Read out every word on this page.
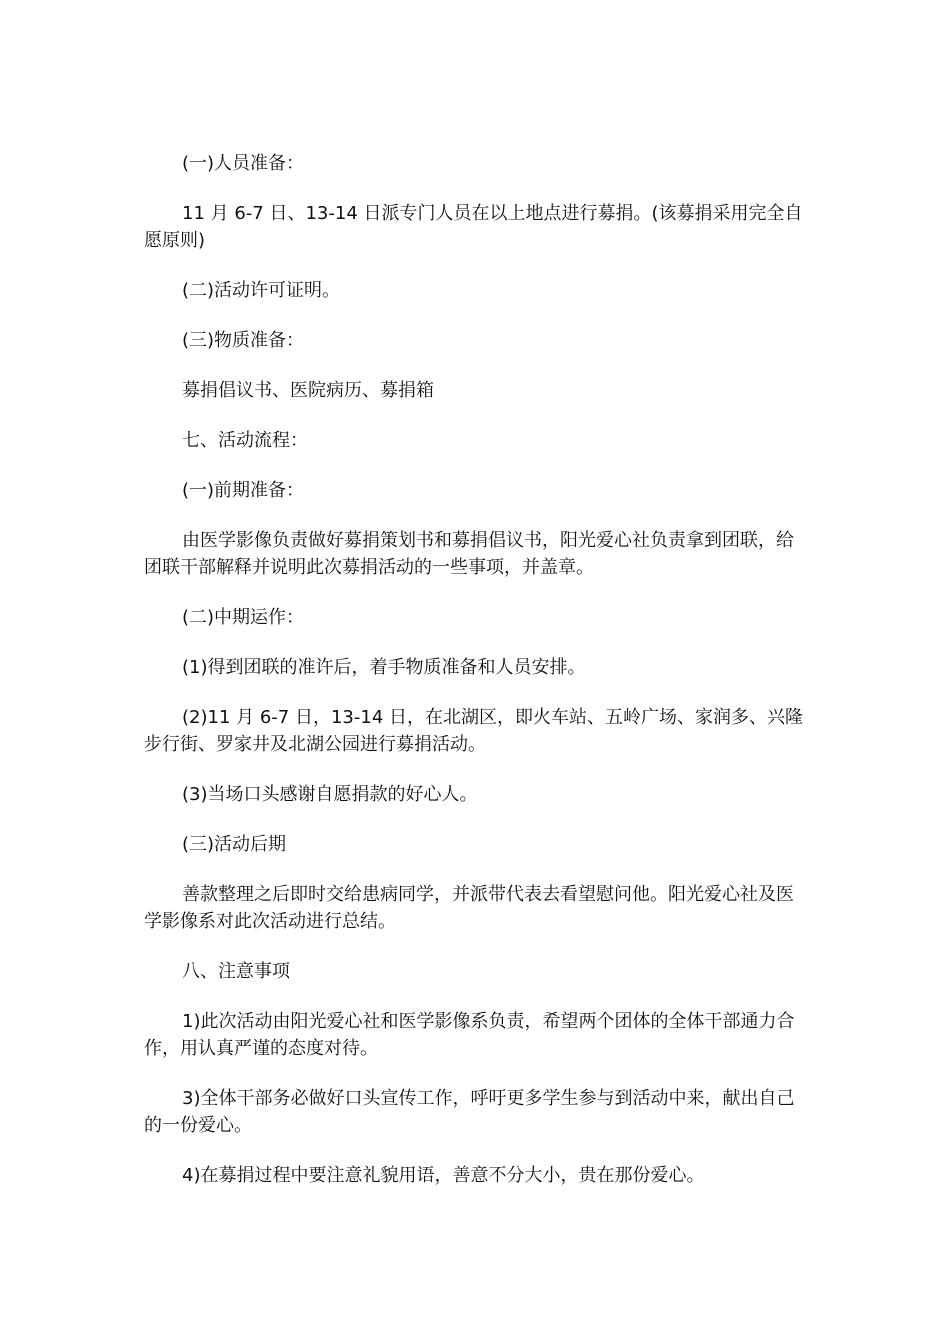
(一)人员准备：

11 月 6-7 日、13-14 日派专门人员在以上地点进行募捐。(该募捐采用完全自愿原则)

(二)活动许可证明。

(三)物质准备：

募捐倡议书、医院病历、募捐箱

七、活动流程：

(一)前期准备：

由医学影像负责做好募捐策划书和募捐倡议书，阳光爱心社负责拿到团联，给团联干部解释并说明此次募捐活动的一些事项，并盖章。

(二)中期运作：

(1)得到团联的准许后，着手物质准备和人员安排。

(2)11 月 6-7 日，13-14 日，在北湖区，即火车站、五岭广场、家润多、兴隆步行街、罗家井及北湖公园进行募捐活动。

(3)当场口头感谢自愿捐款的好心人。

(三)活动后期

善款整理之后即时交给患病同学，并派带代表去看望慰问他。阳光爱心社及医学影像系对此次活动进行总结。

八、注意事项

1)此次活动由阳光爱心社和医学影像系负责，希望两个团体的全体干部通力合作，用认真严谨的态度对待。

3)全体干部务必做好口头宣传工作，呼吁更多学生参与到活动中来，献出自己的一份爱心。

4)在募捐过程中要注意礼貌用语，善意不分大小，贵在那份爱心。
